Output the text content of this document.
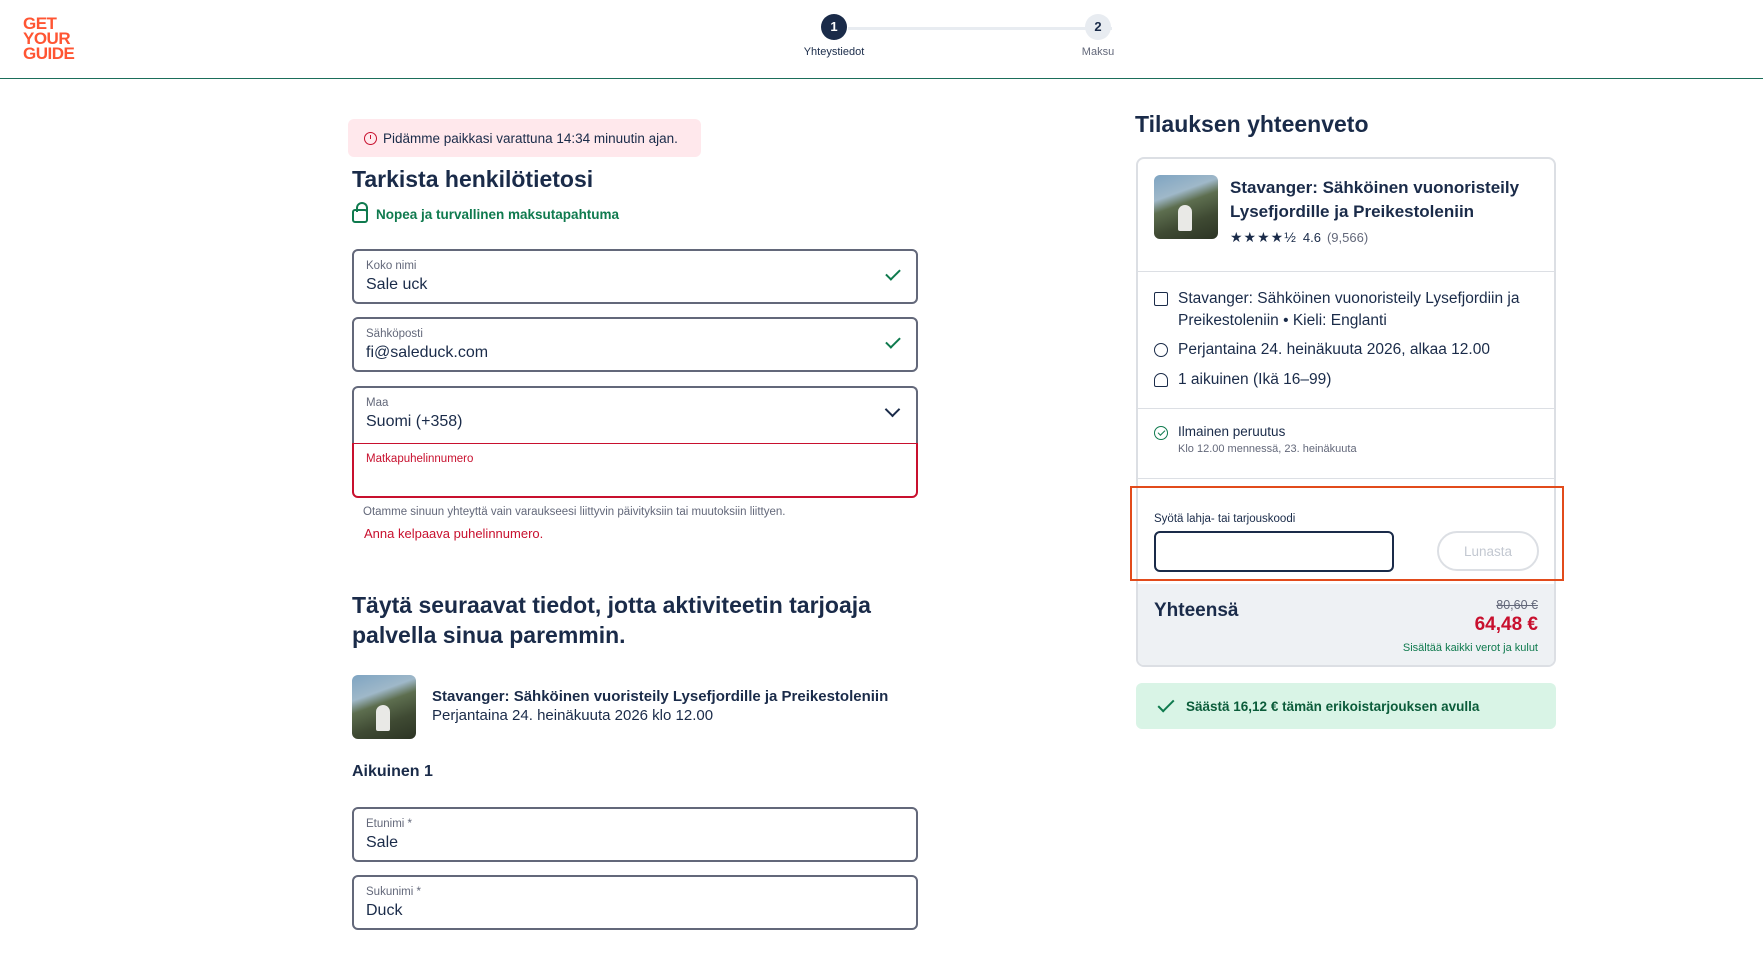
GET
YOUR
GUIDE
1
Yhteystiedot
2
Maksu
Pidämme paikkasi varattuna 14:34 minuutin ajan.
Tarkista henkilötietosi
Nopea ja turvallinen maksutapahtuma
Koko nimi
Sale uck
Sähköposti
fi@saleduck.com
Maa
Suomi (+358)
Matkapuhelinnumero
Otamme sinuun yhteyttä vain varaukseesi liittyvin päivityksiin tai muutoksiin liittyen.
Anna kelpaava puhelinnumero.
Täytä seuraavat tiedot, jotta aktiviteetin tarjoaja palvella sinua paremmin.
Stavanger: Sähköinen vuoristeily Lysefjordille ja Preikestoleniin
Perjantaina 24. heinäkuuta 2026 klo 12.00
Aikuinen 1
Etunimi *
Sale
Sukunimi *
Duck
Tilauksen yhteenveto
Stavanger: Sähköinen vuonoristeily Lysefjordille ja Preikestoleniin
★★★★½ 4.6 (9,566)
Stavanger: Sähköinen vuonoristeily Lysefjordiin ja Preikestoleniin • Kieli: Englanti
Perjantaina 24. heinäkuuta 2026, alkaa 12.00
1 aikuinen (Ikä 16–99)
Ilmainen peruutus
Klo 12.00 mennessä, 23. heinäkuuta
Syötä lahja- tai tarjouskoodi
Lunasta
Yhteensä	80,60 €
64,48 €
Sisältää kaikki verot ja kulut
Säästä 16,12 € tämän erikoistarjouksen avulla
